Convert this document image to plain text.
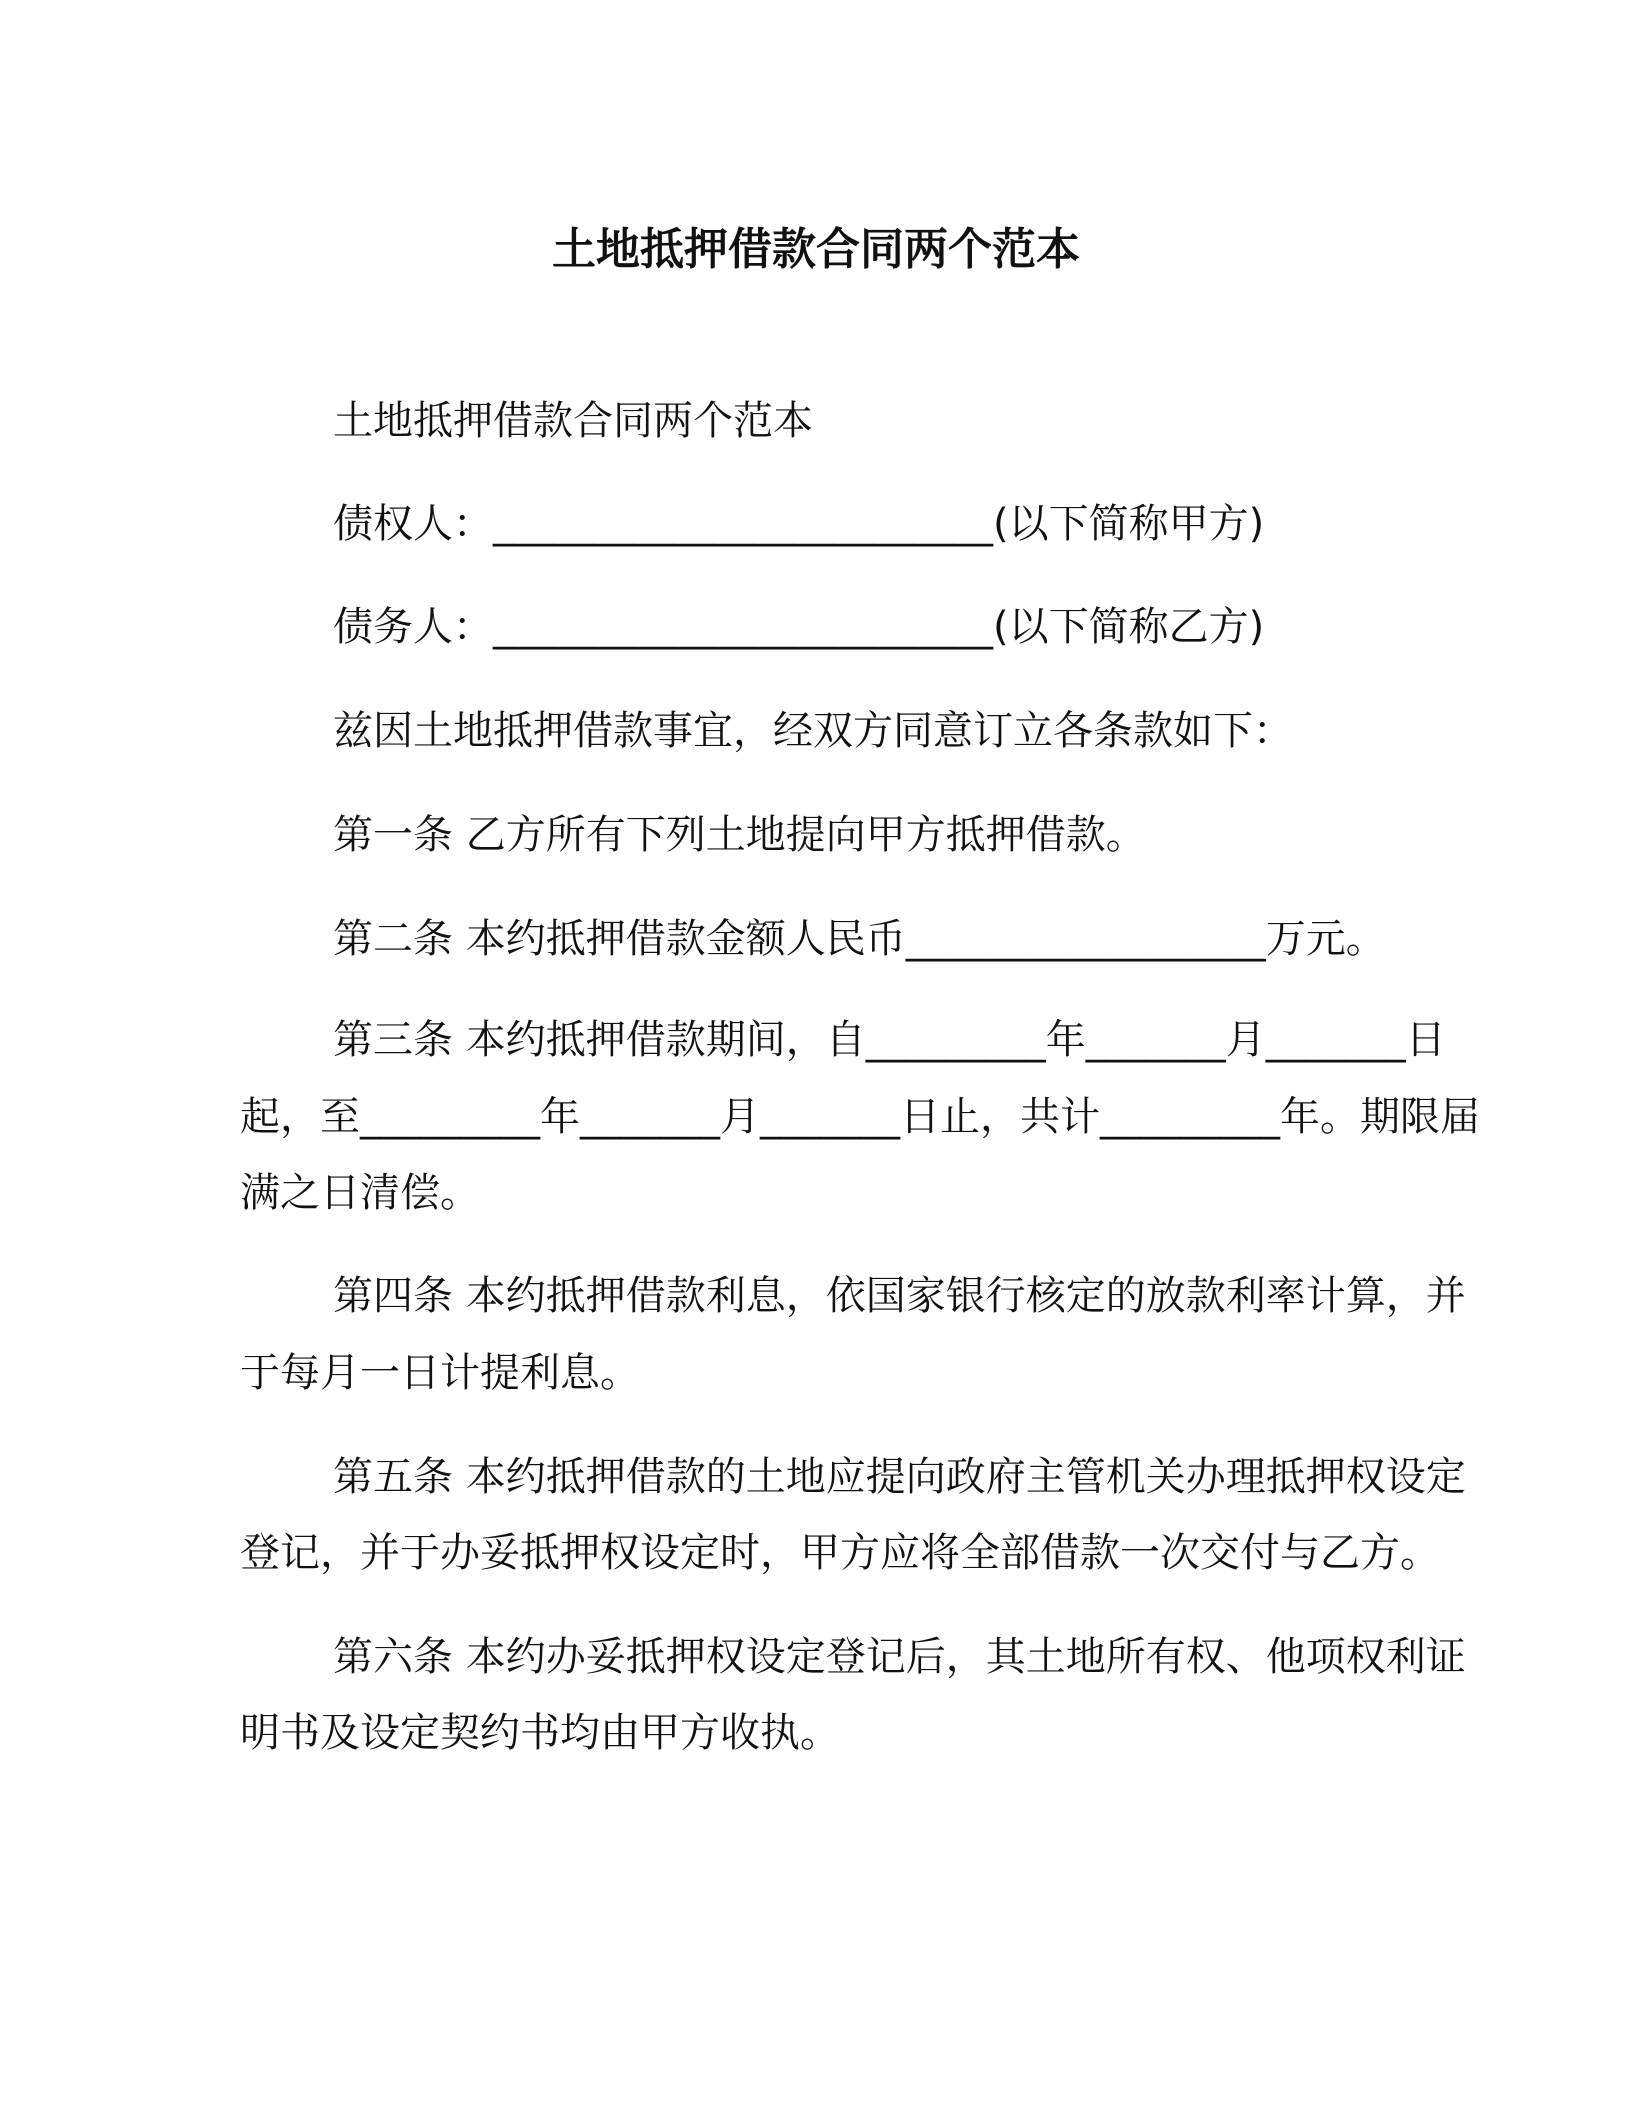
土地抵押借款合同两个范本
土地抵押借款合同两个范本
债权人：_________________________(以下简称甲方)
债务人：_________________________(以下简称乙方)
兹因土地抵押借款事宜，经双方同意订立各条款如下：
第一条 乙方所有下列土地提向甲方抵押借款。
第二条 本约抵押借款金额人民币__________________万元。
第三条 本约抵押借款期间，自_________年_______月_______日
起，至_________年_______月_______日止，共计_________年。期限届
满之日清偿。
第四条 本约抵押借款利息，依国家银行核定的放款利率计算，并
于每月一日计提利息。
第五条 本约抵押借款的土地应提向政府主管机关办理抵押权设定
登记，并于办妥抵押权设定时，甲方应将全部借款一次交付与乙方。
第六条 本约办妥抵押权设定登记后，其土地所有权、他项权利证
明书及设定契约书均由甲方收执。
